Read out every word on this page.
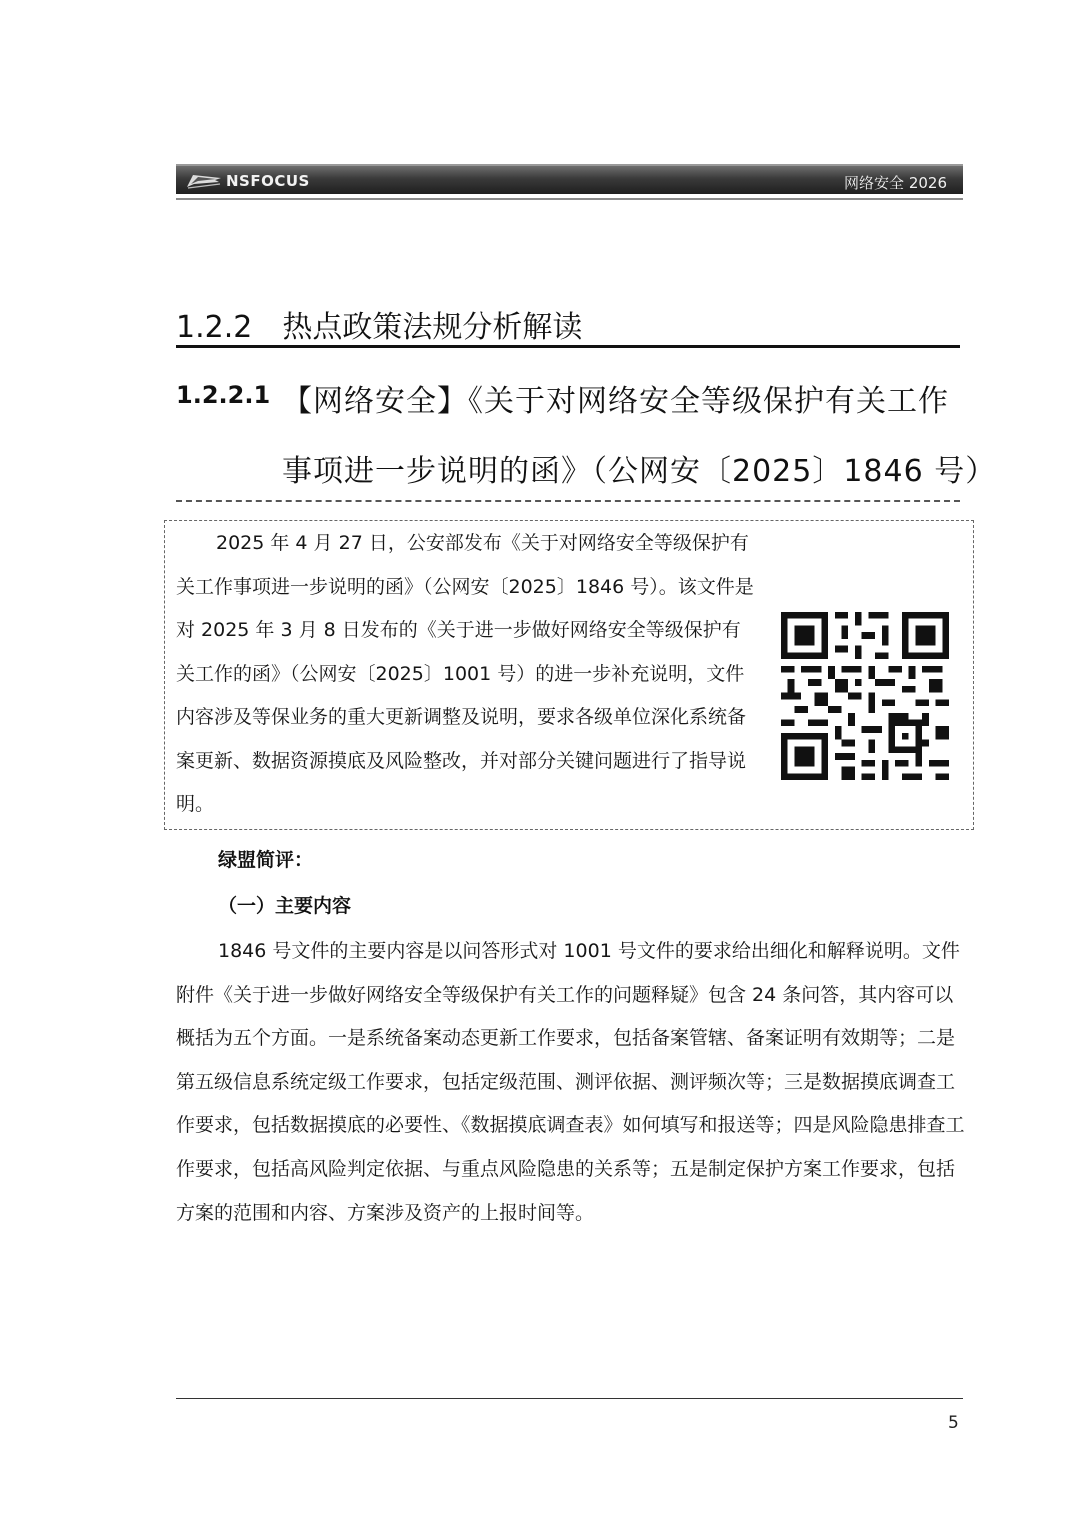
NSFOCUS	网络安全 2026
1.2.2 热点政策法规分析解读
1.2.2.1 【网络安全】《关于对网络安全等级保护有关工作
事项进一步说明的函》（公网安〔2025〕1846 号）

2025 年 4 月 27 日，公安部发布《关于对网络安全等级保护有关工作事项进一步说明的函》（公网安〔2025〕1846 号）。该文件是对 2025 年 3 月 8 日发布的《关于进一步做好网络安全等级保护有关工作的函》（公网安〔2025〕1001 号）的进一步补充说明，文件内容涉及等保业务的重大更新调整及说明，要求各级单位深化系统备案更新、数据资源摸底及风险整改，并对部分关键问题进行了指导说明。

绿盟简评：
（一）主要内容

1846 号文件的主要内容是以问答形式对 1001 号文件的要求给出细化和解释说明。文件附件《关于进一步做好网络安全等级保护有关工作的问题释疑》包含 24 条问答，其内容可以概括为五个方面。一是系统备案动态更新工作要求，包括备案管辖、备案证明有效期等；二是第五级信息系统定级工作要求，包括定级范围、测评依据、测评频次等；三是数据摸底调查工作要求，包括数据摸底的必要性、《数据摸底调查表》如何填写和报送等；四是风险隐患排查工作要求，包括高风险判定依据、与重点风险隐患的关系等；五是制定保护方案工作要求，包括方案的范围和内容、方案涉及资产的上报时间等。

5
